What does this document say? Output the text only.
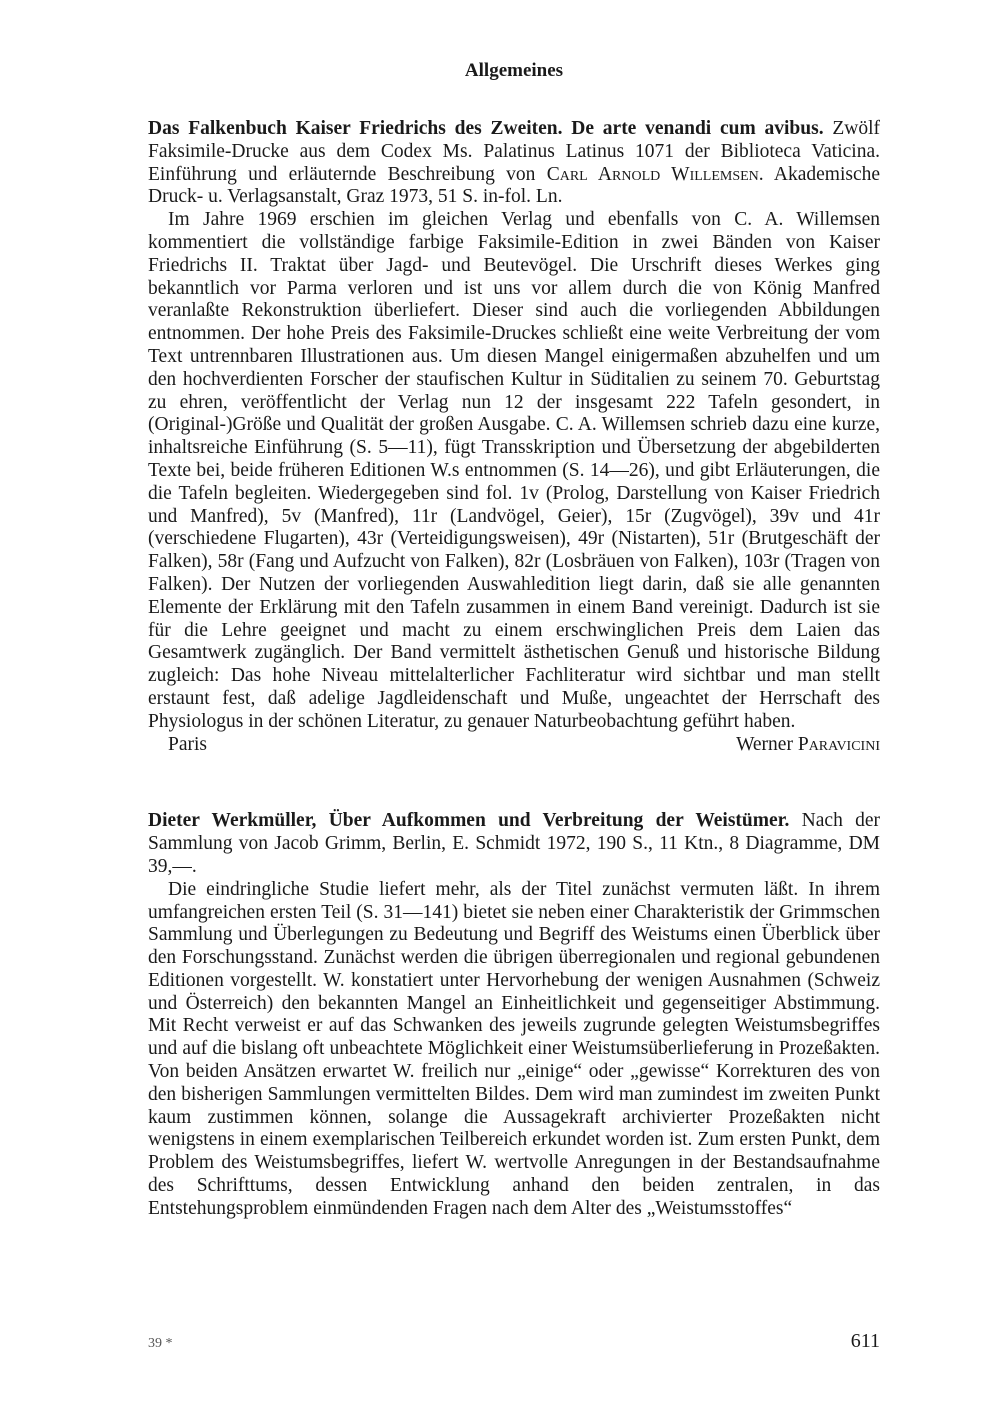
Allgemeines

Das Falkenbuch Kaiser Friedrichs des Zweiten. De arte venandi cum avibus. Zwölf Faksimile-Drucke aus dem Codex Ms. Palatinus Latinus 1071 der Biblioteca Vaticina. Einführung und erläuternde Beschreibung von Carl Arnold Willemsen. Akademische Druck- u. Verlagsanstalt, Graz 1973, 51 S. in-fol. Ln.

Im Jahre 1969 erschien im gleichen Verlag und ebenfalls von C. A. Willemsen kommentiert die vollständige farbige Faksimile-Edition in zwei Bänden von Kaiser Friedrichs II. Traktat über Jagd- und Beutevögel. Die Urschrift dieses Werkes ging bekanntlich vor Parma verloren und ist uns vor allem durch die von König Manfred veranlaßte Rekonstruktion überliefert. Dieser sind auch die vorliegenden Abbildungen entnommen. Der hohe Preis des Faksimile-Druckes schließt eine weite Verbreitung der vom Text untrennbaren Illustrationen aus. Um diesen Mangel einigermaßen abzuhelfen und um den hochverdienten Forscher der staufischen Kultur in Süditalien zu seinem 70. Geburtstag zu ehren, veröffentlicht der Verlag nun 12 der insgesamt 222 Tafeln gesondert, in (Original-)Größe und Qualität der großen Ausgabe. C. A. Willemsen schrieb dazu eine kurze, inhaltsreiche Einführung (S. 5—11), fügt Transskription und Übersetzung der abgebilderten Texte bei, beide früheren Editionen W.s entnommen (S. 14—26), und gibt Erläuterungen, die die Tafeln begleiten. Wiedergegeben sind fol. 1v (Prolog, Darstellung von Kaiser Friedrich und Manfred), 5v (Manfred), 11r (Landvögel, Geier), 15r (Zugvögel), 39v und 41r (verschiedene Flugarten), 43r (Verteidigungsweisen), 49r (Nistarten), 51r (Brutgeschäft der Falken), 58r (Fang und Aufzucht von Falken), 82r (Losbräuen von Falken), 103r (Tragen von Falken). Der Nutzen der vorliegenden Auswahledition liegt darin, daß sie alle genannten Elemente der Erklärung mit den Tafeln zusammen in einem Band vereinigt. Dadurch ist sie für die Lehre geeignet und macht zu einem erschwinglichen Preis dem Laien das Gesamtwerk zugänglich. Der Band vermittelt ästhetischen Genuß und historische Bildung zugleich: Das hohe Niveau mittelalterlicher Fachliteratur wird sichtbar und man stellt erstaunt fest, daß adelige Jagdleidenschaft und Muße, ungeachtet der Herrschaft des Physiologus in der schönen Literatur, zu genauer Naturbeobachtung geführt haben.

Paris	Werner Paravicini

Dieter Werkmüller, Über Aufkommen und Verbreitung der Weistümer. Nach der Sammlung von Jacob Grimm, Berlin, E. Schmidt 1972, 190 S., 11 Ktn., 8 Diagramme, DM 39,—.

Die eindringliche Studie liefert mehr, als der Titel zunächst vermuten läßt. In ihrem umfangreichen ersten Teil (S. 31—141) bietet sie neben einer Charakteristik der Grimmschen Sammlung und Überlegungen zu Bedeutung und Begriff des Weistums einen Überblick über den Forschungsstand. Zunächst werden die übrigen überregionalen und regional gebundenen Editionen vorgestellt. W. konstatiert unter Hervorhebung der wenigen Ausnahmen (Schweiz und Österreich) den bekannten Mangel an Einheitlichkeit und gegenseitiger Abstimmung. Mit Recht verweist er auf das Schwanken des jeweils zugrunde gelegten Weistumsbegriffes und auf die bislang oft unbeachtete Möglichkeit einer Weistumsüberlieferung in Prozeßakten. Von beiden Ansätzen erwartet W. freilich nur „einige“ oder „gewisse“ Korrekturen des von den bisherigen Sammlungen vermittelten Bildes. Dem wird man zumindest im zweiten Punkt kaum zustimmen können, solange die Aussagekraft archivierter Prozeßakten nicht wenigstens in einem exemplarischen Teilbereich erkundet worden ist. Zum ersten Punkt, dem Problem des Weistumsbegriffes, liefert W. wertvolle Anregungen in der Bestandsaufnahme des Schrifttums, dessen Entwicklung anhand den beiden zentralen, in das Entstehungsproblem einmündenden Fragen nach dem Alter des „Weistumsstoffes“

39 *	611
